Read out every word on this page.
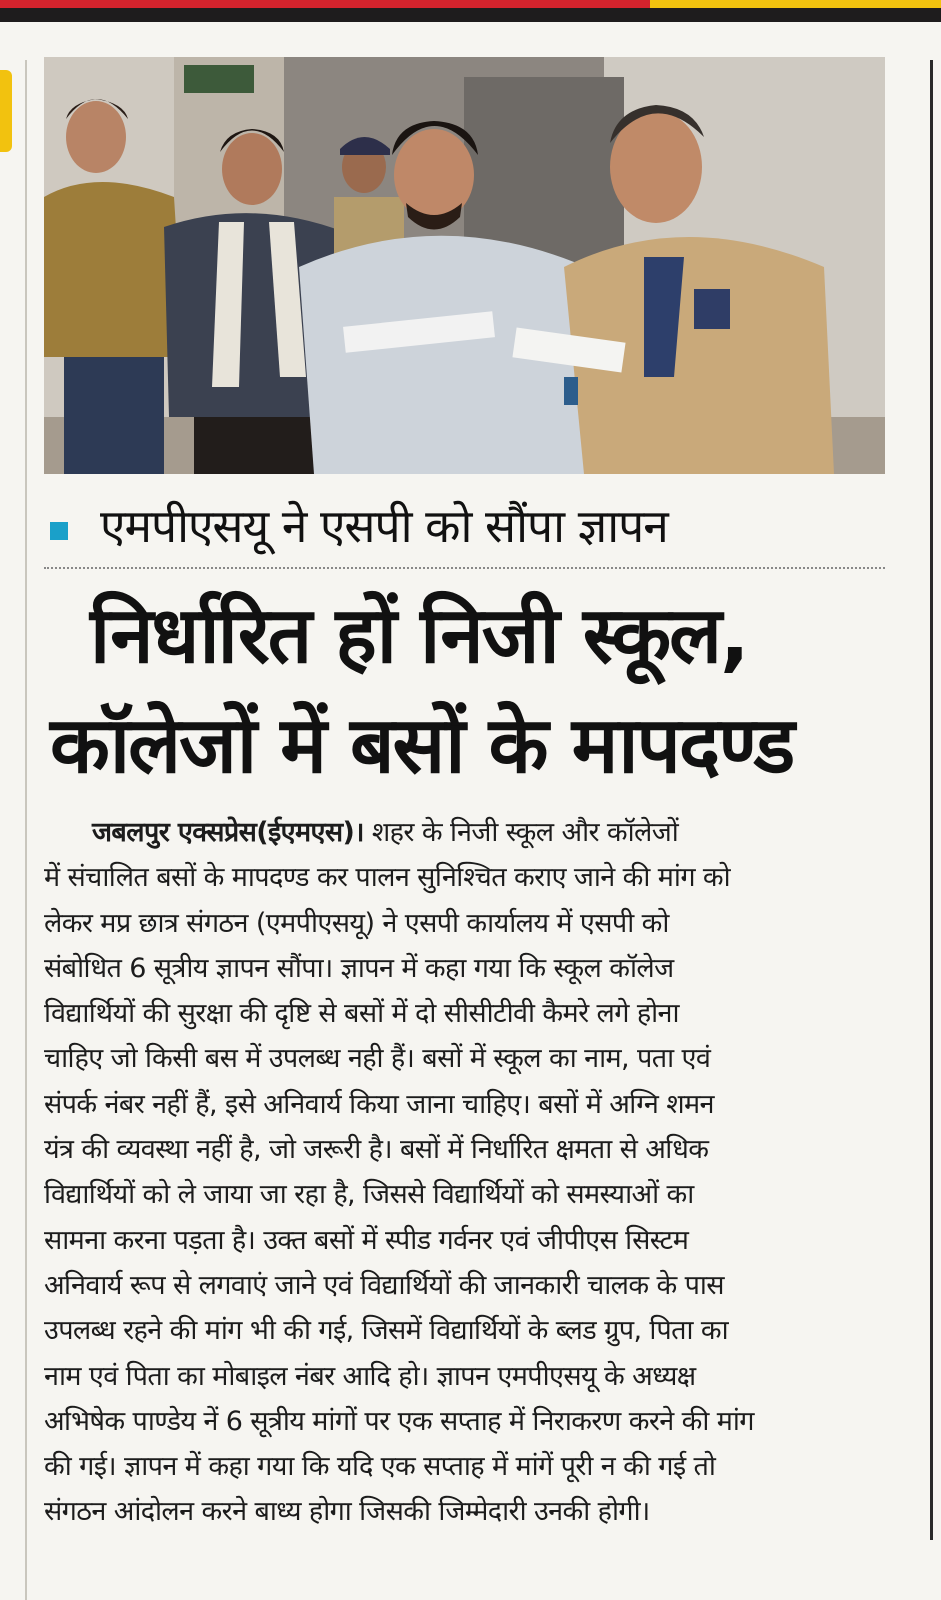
एमपीएसयू ने एसपी को सौंपा ज्ञापन
निर्धारित हों निजी स्कूल,
कॉलेजों में बसों के मापदण्ड
जबलपुर एक्सप्रेस(ईएमएस)। शहर के निजी स्कूल और कॉलेजों
में संचालित बसों के मापदण्ड कर पालन सुनिश्चित कराए जाने की मांग को
लेकर मप्र छात्र संगठन (एमपीएसयू) ने एसपी कार्यालय में एसपी को
संबोधित 6 सूत्रीय ज्ञापन सौंपा। ज्ञापन में कहा गया कि स्कूल कॉलेज
विद्यार्थियों की सुरक्षा की दृष्टि से बसों में दो सीसीटीवी कैमरे लगे होना
चाहिए जो किसी बस में उपलब्ध नही हैं। बसों में स्कूल का नाम, पता एवं
संपर्क नंबर नहीं हैं, इसे अनिवार्य किया जाना चाहिए। बसों में अग्नि शमन
यंत्र की व्यवस्था नहीं है, जो जरूरी है। बसों में निर्धारित क्षमता से अधिक
विद्यार्थियों को ले जाया जा रहा है, जिससे विद्यार्थियों को समस्याओं का
सामना करना पड़ता है। उक्त बसों में स्पीड गर्वनर एवं जीपीएस सिस्टम
अनिवार्य रूप से लगवाएं जाने एवं विद्यार्थियों की जानकारी चालक के पास
उपलब्ध रहने की मांग भी की गई, जिसमें विद्यार्थियों के ब्लड ग्रुप, पिता का
नाम एवं पिता का मोबाइल नंबर आदि हो। ज्ञापन एमपीएसयू के अध्यक्ष
अभिषेक पाण्डेय नें 6 सूत्रीय मांगों पर एक सप्ताह में निराकरण करने की मांग
की गई। ज्ञापन में कहा गया कि यदि एक सप्ताह में मांगें पूरी न की गई तो
संगठन आंदोलन करने बाध्य होगा जिसकी जिम्मेदारी उनकी होगी।
